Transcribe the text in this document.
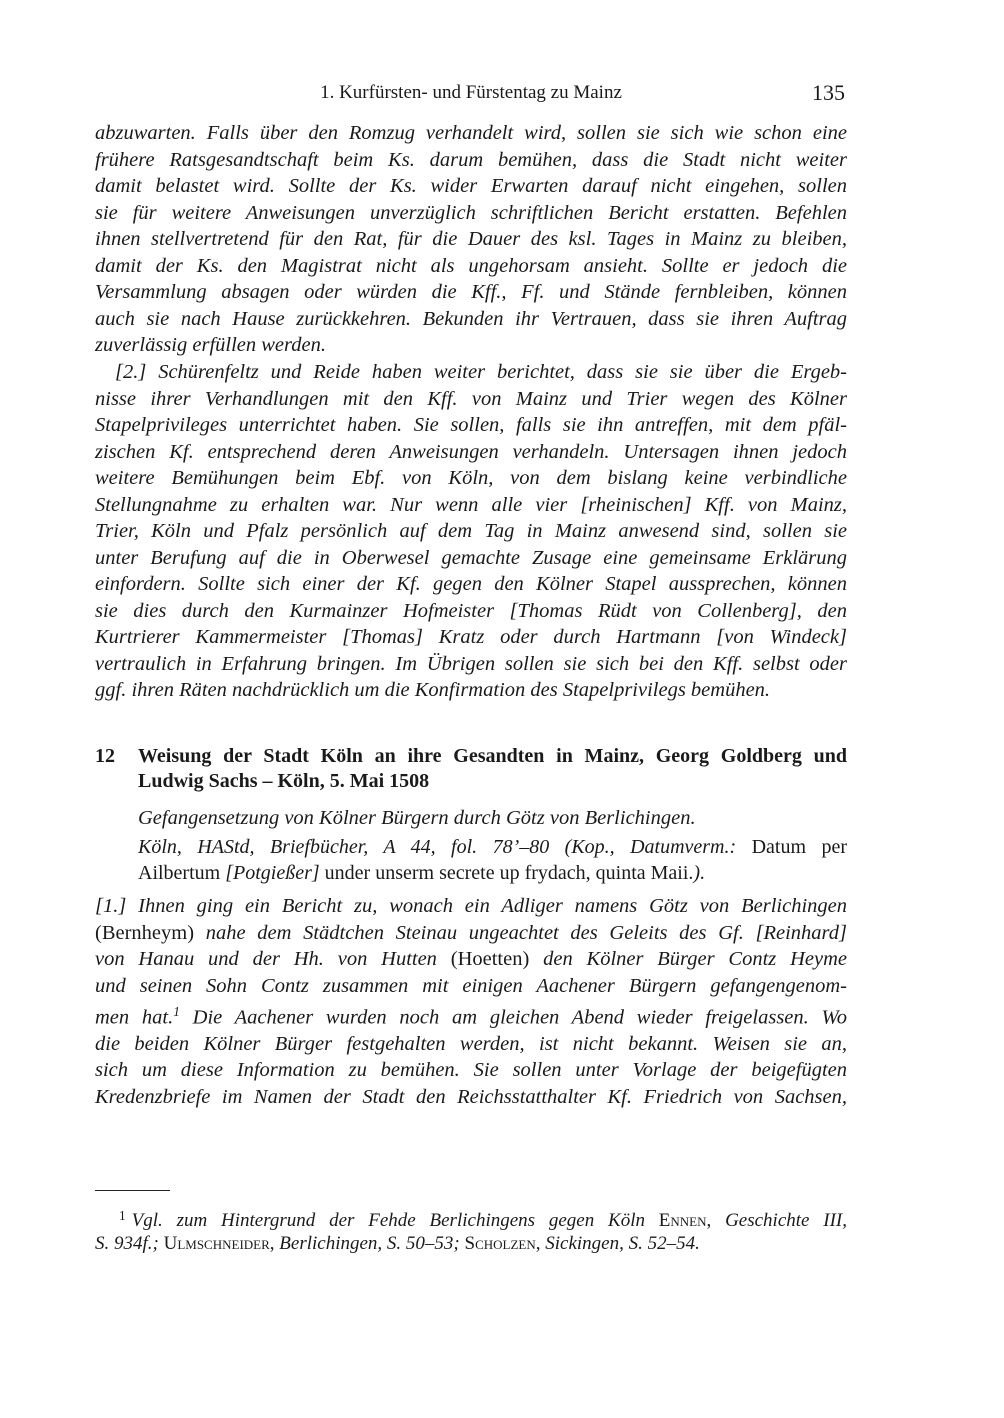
1. Kurfürsten- und Fürstentag zu Mainz	135
abzuwarten. Falls über den Romzug verhandelt wird, sollen sie sich wie schon eine
frühere Ratsgesandtschaft beim Ks. darum bemühen, dass die Stadt nicht weiter
damit belastet wird. Sollte der Ks. wider Erwarten darauf nicht eingehen, sollen
sie für weitere Anweisungen unverzüglich schriftlichen Bericht erstatten. Befehlen
ihnen stellvertretend für den Rat, für die Dauer des ksl. Tages in Mainz zu bleiben,
damit der Ks. den Magistrat nicht als ungehorsam ansieht. Sollte er jedoch die
Versammlung absagen oder würden die Kff., Ff. und Stände fernbleiben, können
auch sie nach Hause zurückkehren. Bekunden ihr Vertrauen, dass sie ihren Auftrag
zuverlässig erfüllen werden.
[2.] Schürenfeltz und Reide haben weiter berichtet, dass sie sie über die Ergeb-
nisse ihrer Verhandlungen mit den Kff. von Mainz und Trier wegen des Kölner
Stapelprivileges unterrichtet haben. Sie sollen, falls sie ihn antreffen, mit dem pfäl-
zischen Kf. entsprechend deren Anweisungen verhandeln. Untersagen ihnen jedoch
weitere Bemühungen beim Ebf. von Köln, von dem bislang keine verbindliche
Stellungnahme zu erhalten war. Nur wenn alle vier [rheinischen] Kff. von Mainz,
Trier, Köln und Pfalz persönlich auf dem Tag in Mainz anwesend sind, sollen sie
unter Berufung auf die in Oberwesel gemachte Zusage eine gemeinsame Erklärung
einfordern. Sollte sich einer der Kf. gegen den Kölner Stapel aussprechen, können
sie dies durch den Kurmainzer Hofmeister [Thomas Rüdt von Collenberg], den
Kurtrierer Kammermeister [Thomas] Kratz oder durch Hartmann [von Windeck]
vertraulich in Erfahrung bringen. Im Übrigen sollen sie sich bei den Kff. selbst oder
ggf. ihren Räten nachdrücklich um die Konfirmation des Stapelprivilegs bemühen.
12 Weisung der Stadt Köln an ihre Gesandten in Mainz, Georg Goldberg und
Ludwig Sachs – Köln, 5. Mai 1508
Gefangensetzung von Kölner Bürgern durch Götz von Berlichingen.
Köln, HAStd, Briefbücher, A 44, fol. 78’–80 (Kop., Datumverm.: Datum per
Ailbertum [Potgießer] under unserm secrete up frydach, quinta Maii.).
[1.] Ihnen ging ein Bericht zu, wonach ein Adliger namens Götz von Berlichingen
(Bernheym) nahe dem Städtchen Steinau ungeachtet des Geleits des Gf. [Reinhard]
von Hanau und der Hh. von Hutten (Hoetten) den Kölner Bürger Contz Heyme
und seinen Sohn Contz zusammen mit einigen Aachener Bürgern gefangengenom-
men hat.$^1$ Die Aachener wurden noch am gleichen Abend wieder freigelassen. Wo
die beiden Kölner Bürger festgehalten werden, ist nicht bekannt. Weisen sie an,
sich um diese Information zu bemühen. Sie sollen unter Vorlage der beigefügten
Kredenzbriefe im Namen der Stadt den Reichsstatthalter Kf. Friedrich von Sachsen,
$^1$ Vgl. zum Hintergrund der Fehde Berlichingens gegen Köln Ennen, Geschichte III,
S. 934f.; Ulmschneider, Berlichingen, S. 50–53; Scholzen, Sickingen, S. 52–54.
